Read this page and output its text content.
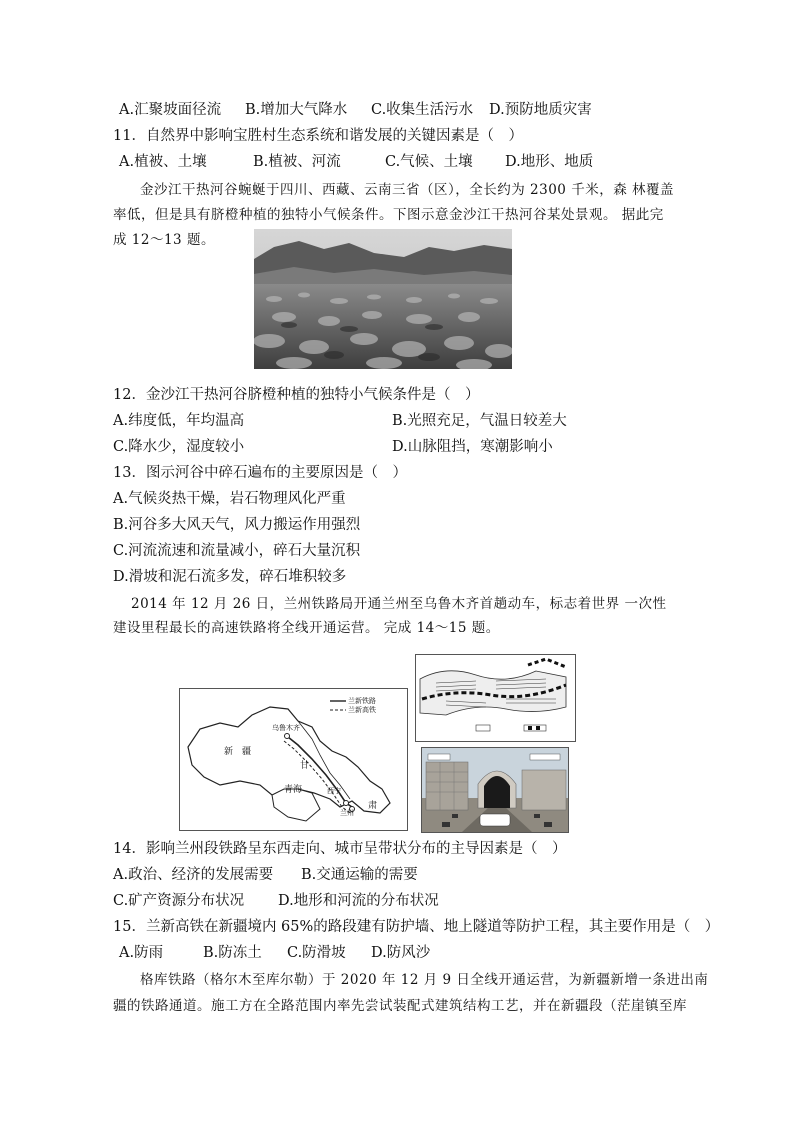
A.汇聚坡面径流 B.增加大气降水 C.收集生活污水 D.预防地质灾害
11．自然界中影响宝胜村生态系统和谐发展的关键因素是（　）
A.植被、土壤	B.植被、河流	C.气候、土壤 D.地形、地质
金沙江干热河谷蜿蜒于四川、西藏、云南三省（区），全长约为 2300 千米，森 林覆盖
率低，但是具有脐橙种植的独特小气候条件。下图示意金沙江干热河谷某处景观。 据此完
成 12～13 题。
12．金沙江干热河谷脐橙种植的独特小气候条件是（　）
A.纬度低，年均温高	B.光照充足，气温日较差大
C.降水少，湿度较小	D.山脉阻挡，寒潮影响小
13．图示河谷中碎石遍布的主要原因是（　）
A.气候炎热干燥，岩石物理风化严重
B.河谷多大风天气，风力搬运作用强烈
C.河流流速和流量减小，碎石大量沉积
D.滑坡和泥石流多发，碎石堆积较多
2014 年 12 月 26 日，兰州铁路局开通兰州至乌鲁木齐首趟动车，标志着世界 一次性
建设里程最长的高速铁路将全线开通运营。 完成 14～15 题。
兰新铁路
兰新高铁
乌鲁木齐
新　疆
甘
青海	西宁
兰州
肃
14．影响兰州段铁路呈东西走向、城市呈带状分布的主导因素是（　）
A.政治、经济的发展需要 B.交通运输的需要
C.矿产资源分布状况 D.地形和河流的分布状况
15．兰新高铁在新疆境内 65%的路段建有防护墙、地上隧道等防护工程，其主要作用是（　）
A.防雨	B.防冻土 C.防滑坡 D.防风沙
格库铁路（格尔木至库尔勒）于 2020 年 12 月 9 日全线开通运营，为新疆新增一条进出南
疆的铁路通道。施工方在全路范围内率先尝试装配式建筑结构工艺，并在新疆段（茫崖镇至库
